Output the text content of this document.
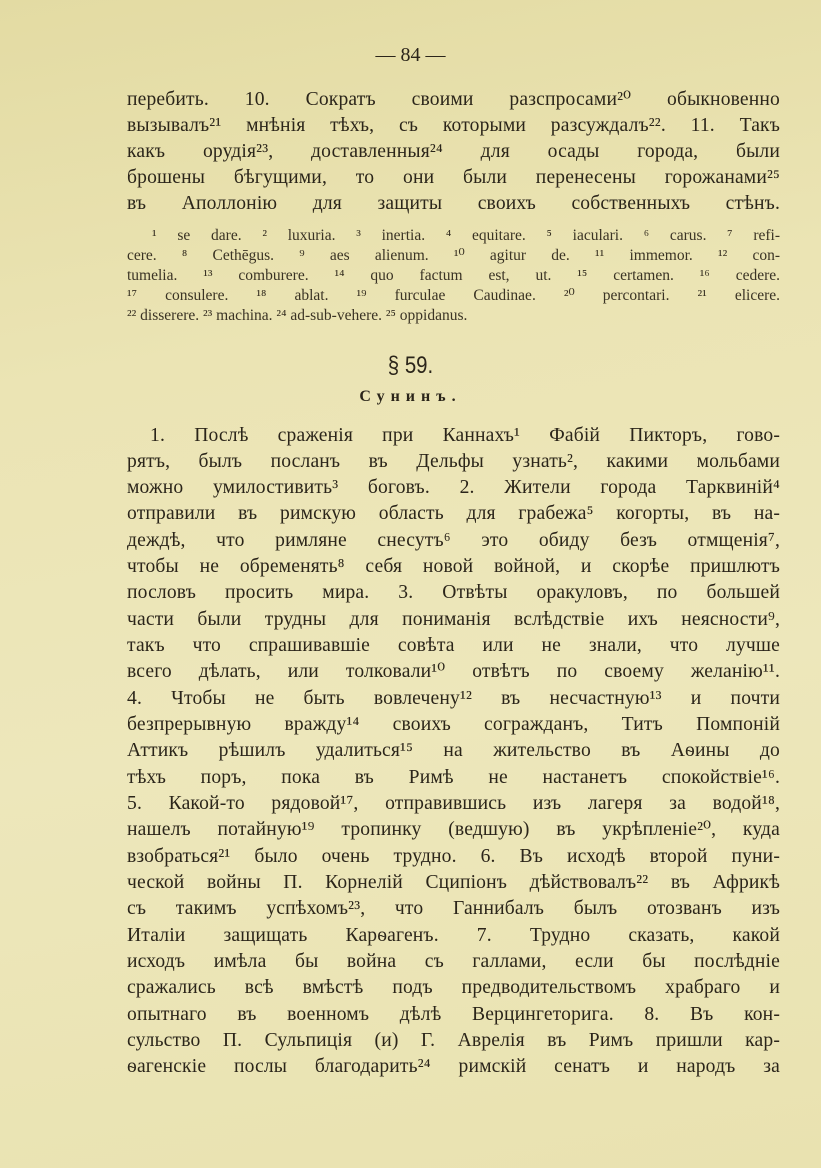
— 84 —
перебить. 10. Сократъ своими разспросами²⁰ обыкновенно
вызывалъ²¹ мнѣнія тѣхъ, съ которыми разсуждалъ²². 11. Такъ
какъ орудія²³, доставленныя²⁴ для осады города, были
брошены бѣгущими, то они были перенесены горожанами²⁵
въ Аполлонію для защиты своихъ собственныхъ стѣнъ.
¹ se dare. ² luxuria. ³ inertia. ⁴ equitare. ⁵ iaculari. ⁶ carus. ⁷ refi-
cere. ⁸ Cethēgus. ⁹ aes alienum. ¹⁰ agitur de. ¹¹ immemor. ¹² con-
tumelia. ¹³ comburere. ¹⁴ quo factum est, ut. ¹⁵ certamen. ¹⁶ cedere.
¹⁷ consulere. ¹⁸ ablat. ¹⁹ furculae Caudinae. ²⁰ percontari. ²¹ elicere.
²² disserere. ²³ machina. ²⁴ ad-sub-vehere. ²⁵ oppidanus.
§ 59.
Сунинъ.
1. Послѣ сраженія при Каннахъ¹ Фабій Пикторъ, гово-
рятъ, былъ посланъ въ Дельфы узнать², какими мольбами
можно умилостивить³ боговъ. 2. Жители города Тарквиній⁴
отправили въ римскую область для грабежа⁵ когорты, въ на-
деждѣ, что римляне снесутъ⁶ это обиду безъ отмщенія⁷,
чтобы не обременять⁸ себя новой войной, и скорѣе пришлютъ
пословъ просить мира. 3. Отвѣты оракуловъ, по большей
части были трудны для пониманія вслѣдствіе ихъ неясности⁹,
такъ что спрашивавшіе совѣта или не знали, что лучше
всего дѣлать, или толковали¹⁰ отвѣтъ по своему желанію¹¹.
4. Чтобы не быть вовлечену¹² въ несчастную¹³ и почти
безпрерывную вражду¹⁴ своихъ согражданъ, Титъ Помпоній
Аттикъ рѣшилъ удалиться¹⁵ на жительство въ Аѳины до
тѣхъ поръ, пока въ Римѣ не настанетъ спокойствіе¹⁶.
5. Какой-то рядовой¹⁷, отправившись изъ лагеря за водой¹⁸,
нашелъ потайную¹⁹ тропинку (ведшую) въ укрѣпленіе²⁰, куда
взобраться²¹ было очень трудно. 6. Въ исходѣ второй пуни-
ческой войны П. Корнелій Сципіонъ дѣйствовалъ²² въ Африкѣ
съ такимъ успѣхомъ²³, что Ганнибалъ былъ отозванъ изъ
Италіи защищать Карѳагенъ. 7. Трудно сказать, какой
исходъ имѣла бы война съ галлами, если бы послѣдніе
сражались всѣ вмѣстѣ подъ предводительствомъ храбраго и
опытнаго въ военномъ дѣлѣ Верцингеторига. 8. Въ кон-
сульство П. Сульпиція (и) Г. Аврелія въ Римъ пришли кар-
ѳагенскіе послы благодарить²⁴ римскій сенатъ и народъ за
